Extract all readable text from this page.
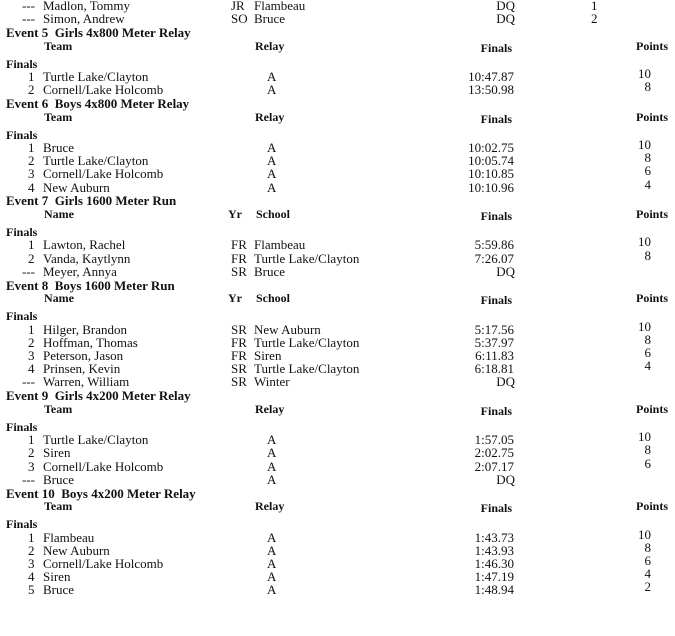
--- Madlon, Tommy	JR Flambeau	DQ	1
--- Simon, Andrew	SO Bruce	DQ	2
Event 5  Girls 4x800 Meter Relay
Team	Relay	Finals	Points
Finals
1 Turtle Lake/Clayton	A	10:47.87	10
2 Cornell/Lake Holcomb	A	13:50.98	8
Event 6  Boys 4x800 Meter Relay
Team	Relay	Finals	Points
Finals
1 Bruce	A	10:02.75	10
2 Turtle Lake/Clayton	A	10:05.74	8
3 Cornell/Lake Holcomb	A	10:10.85	6
4 New Auburn	A	10:10.96	4
Event 7  Girls 1600 Meter Run
Name	Yr School	Finals	Points
Finals
1 Lawton, Rachel	FR Flambeau	5:59.86	10
2 Vanda, Kaytlynn	FR Turtle Lake/Clayton	7:26.07	8
--- Meyer, Annya	SR Bruce	DQ
Event 8  Boys 1600 Meter Run
Name	Yr School	Finals	Points
Finals
1 Hilger, Brandon	SR New Auburn	5:17.56	10
2 Hoffman, Thomas	FR Turtle Lake/Clayton	5:37.97	8
3 Peterson, Jason	FR Siren	6:11.83	6
4 Prinsen, Kevin	SR Turtle Lake/Clayton	6:18.81	4
--- Warren, William	SR Winter	DQ
Event 9  Girls 4x200 Meter Relay
Team	Relay	Finals	Points
Finals
1 Turtle Lake/Clayton	A	1:57.05	10
2 Siren	A	2:02.75	8
3 Cornell/Lake Holcomb	A	2:07.17	6
--- Bruce	A	DQ
Event 10  Boys 4x200 Meter Relay
Team	Relay	Finals	Points
Finals
1 Flambeau	A	1:43.73	10
2 New Auburn	A	1:43.93	8
3 Cornell/Lake Holcomb	A	1:46.30	6
4 Siren	A	1:47.19	4
5 Bruce	A	1:48.94	2
